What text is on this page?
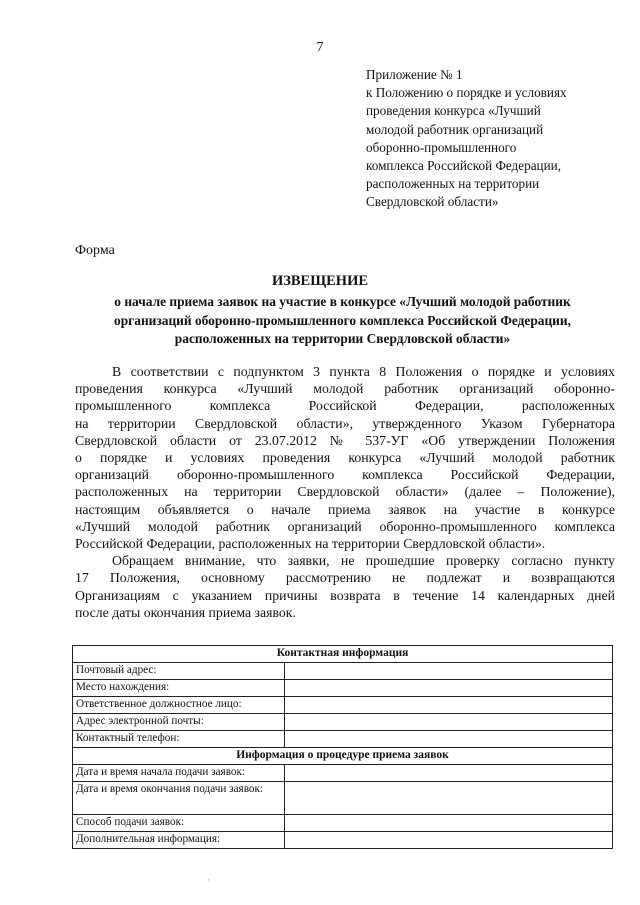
7
Приложение № 1
к Положению о порядке и условиях
проведения конкурса «Лучший
молодой работник организаций
оборонно-промышленного
комплекса Российской Федерации,
расположенных на территории
Свердловской области»
Форма
ИЗВЕЩЕНИЕ
о начале приема заявок на участие в конкурсе «Лучший молодой работник
организаций оборонно-промышленного комплекса Российской Федерации,
расположенных на территории Свердловской области»
В соответствии с подпунктом 3 пункта 8 Положения о порядке и условиях
проведения конкурса «Лучший молодой работник организаций оборонно-
промышленного комплекса Российской Федерации, расположенных
на территории Свердловской области», утвержденного Указом Губернатора
Свердловской области от 23.07.2012 № 537-УГ «Об утверждении Положения
о порядке и условиях проведения конкурса «Лучший молодой работник
организаций оборонно-промышленного комплекса Российской Федерации,
расположенных на территории Свердловской области» (далее – Положение),
настоящим объявляется о начале приема заявок на участие в конкурсе
«Лучший молодой работник организаций оборонно-промышленного комплекса
Российской Федерации, расположенных на территории Свердловской области».
Обращаем внимание, что заявки, не прошедшие проверку согласно пункту
17 Положения, основному рассмотрению не подлежат и возвращаются
Организациям с указанием причины возврата в течение 14 календарных дней
после даты окончания приема заявок.
Контактная информация	
Почтовый адрес:	
Место нахождения:	
Ответственное должностное лицо:	
Адрес электронной почты:	
Контактный телефон:	
Информация о процедуре приема заявок	
Дата и время начала подачи заявок:	
Дата и время окончания подачи заявок:	
Способ подачи заявок:	
Дополнительная информация:	
·
